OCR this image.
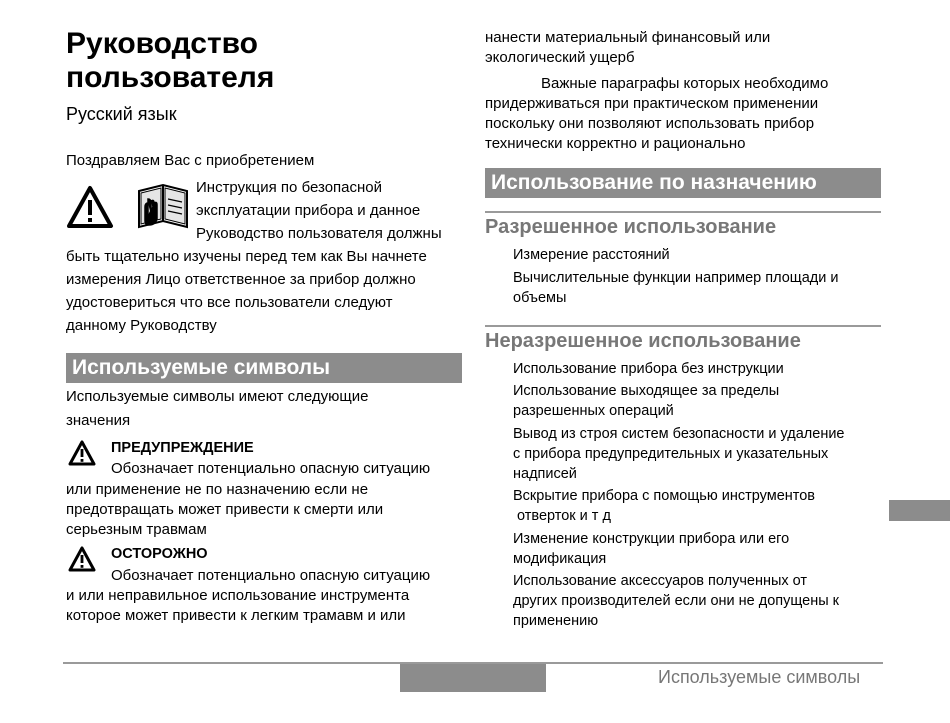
Руководство
пользователя
Русский язык
Поздравляем Вас с приобретением
Инструкция по безопасной
эксплуатации прибора и данное
Руководство пользователя должны
быть тщательно изучены перед тем как Вы начнете
измерения Лицо ответственное за прибор должно
удостовериться что все пользователи следуют
данному Руководству
Используемые символы
Используемые символы имеют следующие
значения
ПРЕДУПРЕЖДЕНИЕ
Обозначает потенциально опасную ситуацию
или применение не по назначению если не
предотвращать может привести к смерти или
серьезным травмам
ОСТОРОЖНО
Обозначает потенциально опасную ситуацию
и или неправильное использование инструмента
которое может привести к легким трамавм и или
нанести материальный финансовый или
экологический ущерб
Важные параграфы которых необходимо
придерживаться при практическом применении
поскольку они позволяют использовать прибор
технически корректно и рационально
Использование по назначению
Разрешенное использование
Измерение расстояний
Вычислительные функции например площади и
объемы
Неразрешенное использование
Использование прибора без инструкции
Использование выходящее за пределы
разрешенных операций
Вывод из строя систем безопасности и удаление
с прибора предупредительных и указательных
надписей
Вскрытие прибора с помощью инструментов
отверток и т д
Изменение конструкции прибора или его
модификация
Использование аксессуаров полученных от
других производителей если они не допущены к
применению
Используемые символы
